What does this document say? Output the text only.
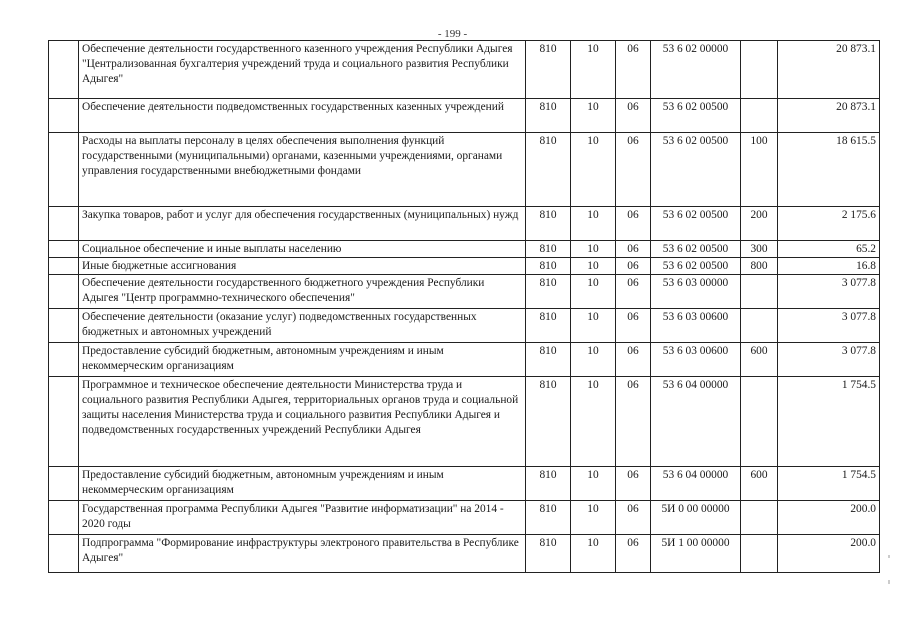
- 199 -
	Обеспечение деятельности государственного казенного учреждения Республики Адыгея "Централизованная бухгалтерия учреждений труда и социального развития Республики Адыгея"	810	10	06	53 6 02 00000		20 873.1
	Обеспечение деятельности подведомственных государственных казенных учреждений	810	10	06	53 6 02 00500		20 873.1
	Расходы на выплаты персоналу в целях обеспечения выполнения функций государственными (муниципальными) органами, казенными учреждениями, органами управления государственными внебюджетными фондами	810	10	06	53 6 02 00500	100	18 615.5
	Закупка товаров, работ и услуг для обеспечения государственных (муниципальных) нужд	810	10	06	53 6 02 00500	200	2 175.6
	Социальное обеспечение и иные выплаты населению	810	10	06	53 6 02 00500	300	65.2
	Иные бюджетные ассигнования	810	10	06	53 6 02 00500	800	16.8
	Обеспечение деятельности государственного бюджетного учреждения Республики Адыгея "Центр программно-технического обеспечения"	810	10	06	53 6 03 00000		3 077.8
	Обеспечение деятельности (оказание услуг) подведомственных государственных бюджетных и автономных учреждений	810	10	06	53 6 03 00600		3 077.8
	Предоставление субсидий бюджетным, автономным учреждениям и иным некоммерческим организациям	810	10	06	53 6 03 00600	600	3 077.8
	Программное и техническое обеспечение деятельности Министерства труда и социального развития Республики Адыгея, территориальных органов труда и социальной защиты населения Министерства труда и социального развития Республики Адыгея и подведомственных государственных учреждений Республики Адыгея	810	10	06	53 6 04 00000		1 754.5
	Предоставление субсидий бюджетным, автономным учреждениям и иным некоммерческим организациям	810	10	06	53 6 04 00000	600	1 754.5
	Государственная программа Республики Адыгея "Развитие информатизации" на 2014 - 2020 годы	810	10	06	5И 0 00 00000		200.0
	Подпрограмма "Формирование инфраструктуры электроного правительства в Республике Адыгея"	810	10	06	5И 1 00 00000		200.0
